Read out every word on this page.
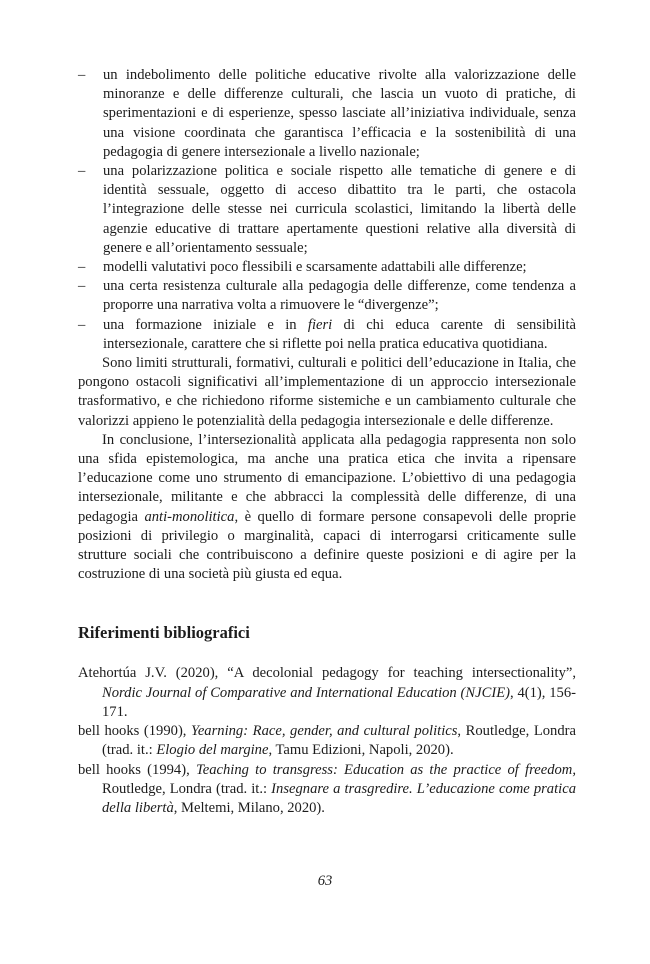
– un indebolimento delle politiche educative rivolte alla valorizzazione delle minoranze e delle differenze culturali, che lascia un vuoto di pratiche, di sperimentazioni e di esperienze, spesso lasciate all’iniziativa individuale, senza una visione coordinata che garantisca l’efficacia e la sostenibilità di una pedagogia di genere intersezionale a livello nazionale;
– una polarizzazione politica e sociale rispetto alle tematiche di genere e di identità sessuale, oggetto di acceso dibattito tra le parti, che ostacola l’integrazione delle stesse nei curricula scolastici, limitando la libertà delle agenzie educative di trattare apertamente questioni relative alla diversità di genere e all’orientamento sessuale;
– modelli valutativi poco flessibili e scarsamente adattabili alle differenze;
– una certa resistenza culturale alla pedagogia delle differenze, come tendenza a proporre una narrativa volta a rimuovere le “divergenze”;
– una formazione iniziale e in fieri di chi educa carente di sensibilità intersezionale, carattere che si riflette poi nella pratica educativa quotidiana.

Sono limiti strutturali, formativi, culturali e politici dell’educazione in Italia, che pongono ostacoli significativi all’implementazione di un approccio intersezionale trasformativo, e che richiedono riforme sistemiche e un cambiamento culturale che valorizzi appieno le potenzialità della pedagogia intersezionale e delle differenze.

In conclusione, l’intersezionalità applicata alla pedagogia rappresenta non solo una sfida epistemologica, ma anche una pratica etica che invita a ripensare l’educazione come uno strumento di emancipazione. L’obiettivo di una pedagogia intersezionale, militante e che abbracci la complessità delle differenze, di una pedagogia anti-monolitica, è quello di formare persone consapevoli delle proprie posizioni di privilegio o marginalità, capaci di interrogarsi criticamente sulle strutture sociali che contribuiscono a definire queste posizioni e di agire per la costruzione di una società più giusta ed equa.

Riferimenti bibliografici

Atehortúa J.V. (2020), “A decolonial pedagogy for teaching intersectionality”, Nordic Journal of Comparative and International Education (NJCIE), 4(1), 156-171.

bell hooks (1990), Yearning: Race, gender, and cultural politics, Routledge, Londra (trad. it.: Elogio del margine, Tamu Edizioni, Napoli, 2020).

bell hooks (1994), Teaching to transgress: Education as the practice of freedom, Routledge, Londra (trad. it.: Insegnare a trasgredire. L’educazione come pratica della libertà, Meltemi, Milano, 2020).

63
